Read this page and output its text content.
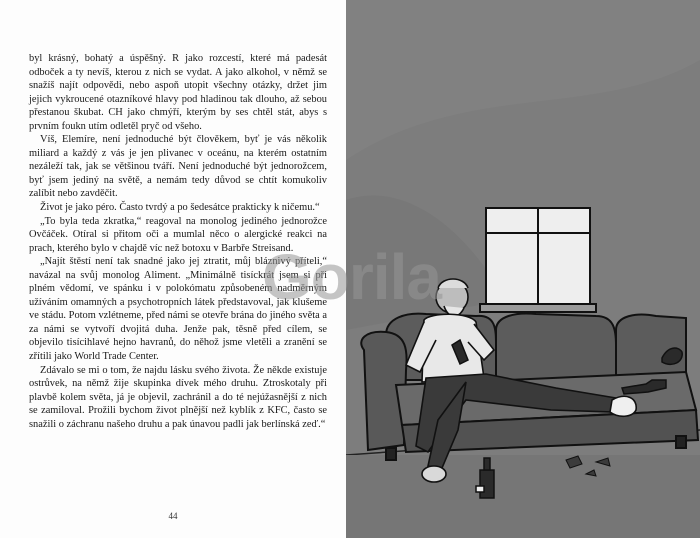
byl krásný, bohatý a úspěšný. R jako rozcestí, které má padesát odboček a ty nevíš, kterou z nich se vydat. A jako alkohol, v němž se snažíš najít odpovědi, nebo aspoň utopit všechny otázky, držet jim jejich vykroucené otazníkové hlavy pod hladinou tak dlouho, až sebou přestanou škubat. CH jako chmýří, kterým by ses chtěl stát, abys s prvním foukn utím odletěl pryč od všeho.

Víš, Elemíre, není jednoduché být člověkem, byť je vás několik miliard a každý z vás je jen plivanec v oceánu, na kterém ostatním nezáleží tak, jak se většinou tváří. Není jednoduché být jednorožcem, byť jsem jediný na světě, a nemám tedy důvod se chtít komukoliv zalíbit nebo zavděčit.

Život je jako péro. Často tvrdý a po šedesátce prakticky k ničemu.“

„To byla teda zkratka,“ reagoval na monolog jediného jednorožce Ovčáček. Otíral si přitom oči a mumlal něco o alergické reakci na prach, kterého bylo v chajdě víc než botoxu v Barbře Streisand.

„Najít štěstí není tak snadné jako jej ztratit, můj bláznivý příteli,“ navázal na svůj monolog Aliment. „Minimálně tisíckrát jsem si při plném vědomí, ve spánku i v polokómatu způsobeném nadměrným užíváním omamných a psychotropních látek představoval, jak klušeme ve stádu. Potom vzlétneme, před námi se otevře brána do jiného světa a za námi se vytvoří dvojitá duha. Jenže pak, těsně před cílem, se objevilo tisícihlavé hejno havranů, do něhož jsme vletěli a zranění se zřítili jako World Trade Center.

Zdávalo se mi o tom, že najdu lásku svého života. Že někde existuje ostrůvek, na němž žije skupinka dívek mého druhu. Ztroskotaly při plavbě kolem světa, já je objevil, zachránil a do té nejúžasnější z nich se zamiloval. Prožili bychom život plnější než kyblík z KFC, často se snažili o záchranu našeho druhu a pak únavou padli jak berlínská zeď.“

44
Gorila
